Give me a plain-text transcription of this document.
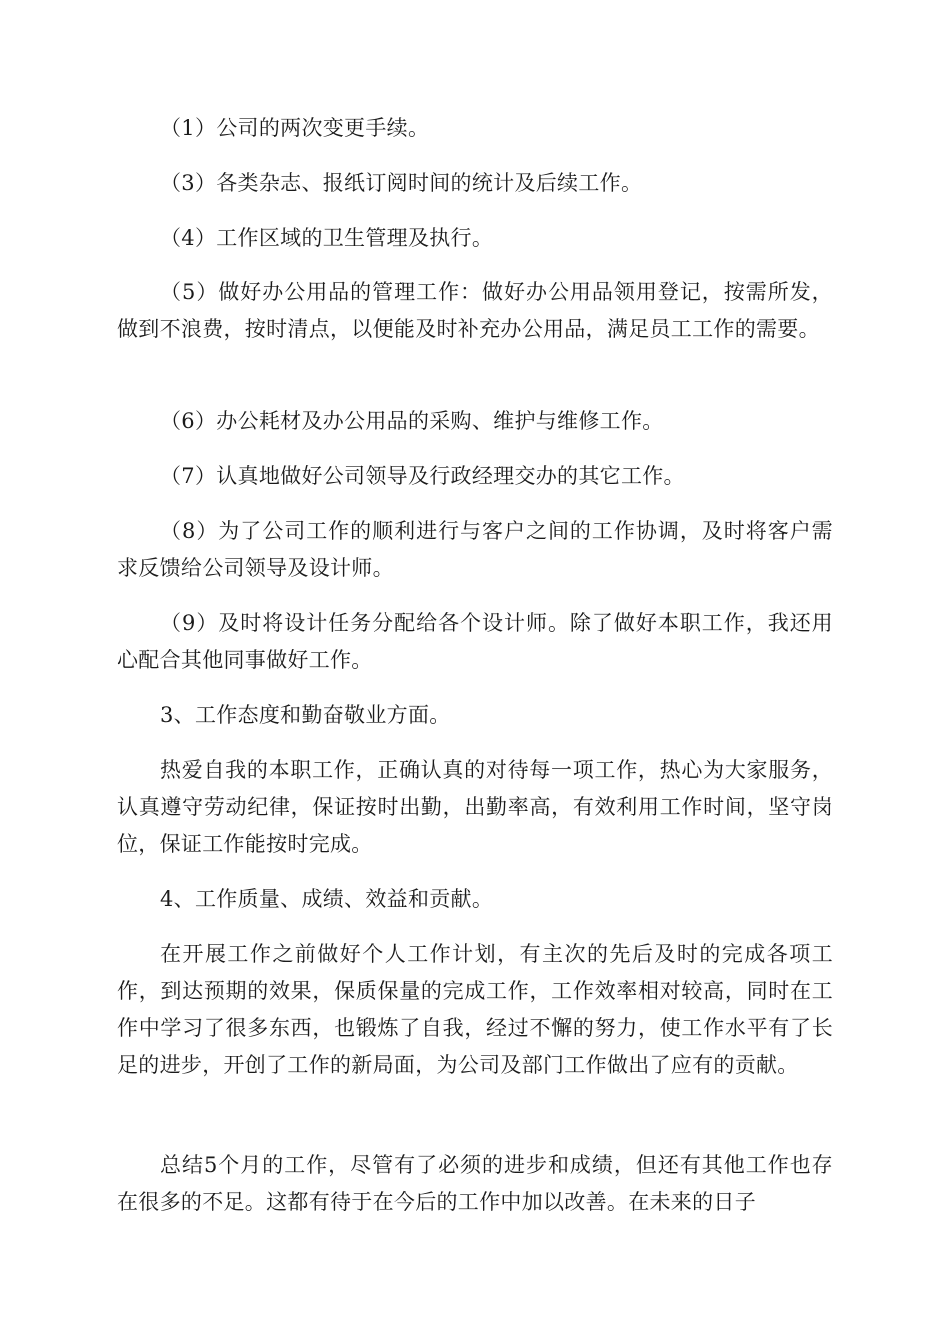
（1）公司的两次变更手续。

（3）各类杂志、报纸订阅时间的统计及后续工作。

（4）工作区域的卫生管理及执行。

（5）做好办公用品的管理工作：做好办公用品领用登记，按需所发，做到不浪费，按时清点，以便能及时补充办公用品，满足员工工作的需要。

（6）办公耗材及办公用品的采购、维护与维修工作。

（7）认真地做好公司领导及行政经理交办的其它工作。

（8）为了公司工作的顺利进行与客户之间的工作协调，及时将客户需求反馈给公司领导及设计师。

（9）及时将设计任务分配给各个设计师。除了做好本职工作，我还用心配合其他同事做好工作。

3、工作态度和勤奋敬业方面。

热爱自我的本职工作，正确认真的对待每一项工作，热心为大家服务，认真遵守劳动纪律，保证按时出勤，出勤率高，有效利用工作时间，坚守岗位，保证工作能按时完成。

4、工作质量、成绩、效益和贡献。

在开展工作之前做好个人工作计划，有主次的先后及时的完成各项工作，到达预期的效果，保质保量的完成工作，工作效率相对较高，同时在工作中学习了很多东西，也锻炼了自我，经过不懈的努力，使工作水平有了长足的进步，开创了工作的新局面，为公司及部门工作做出了应有的贡献。

总结5个月的工作，尽管有了必须的进步和成绩，但还有其他工作也存在很多的不足。这都有待于在今后的工作中加以改善。在未来的日子
